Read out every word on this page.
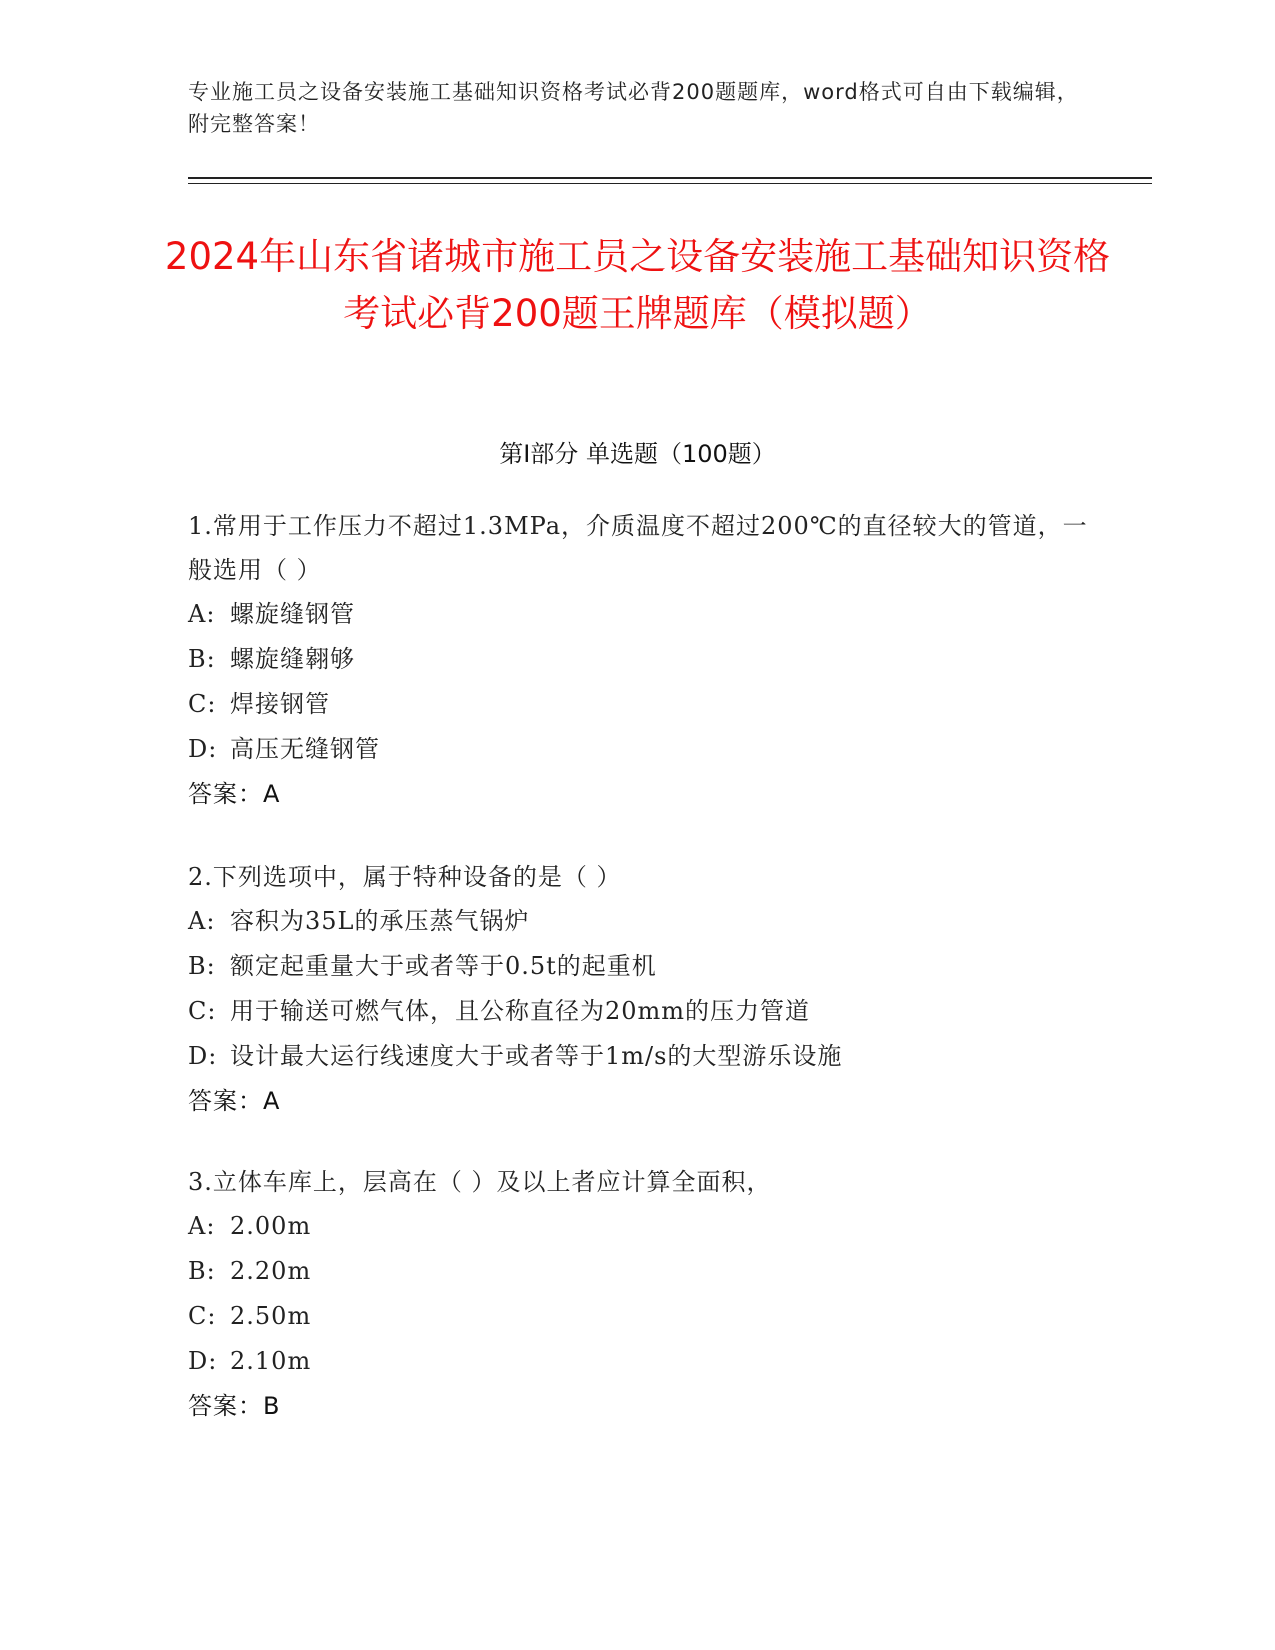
专业施工员之设备安装施工基础知识资格考试必背200题题库，word格式可自由下载编辑，附完整答案！
2024年山东省诸城市施工员之设备安装施工基础知识资格考试必背200题王牌题库（模拟题）
第I部分 单选题（100题）
1.常用于工作压力不超过1.3MPa，介质温度不超过200℃的直径较大的管道，一般选用（ ）
A: 螺旋缝钢管
B: 螺旋缝翱够
C: 焊接钢管
D: 高压无缝钢管
答案：A
2.下列选项中，属于特种设备的是（ ）
A: 容积为35L的承压蒸气锅炉
B: 额定起重量大于或者等于0.5t的起重机
C: 用于输送可燃气体，且公称直径为20mm的压力管道
D: 设计最大运行线速度大于或者等于1m/s的大型游乐设施
答案：A
3.立体车库上，层高在（ ）及以上者应计算全面积，
A: 2.00m
B: 2.20m
C: 2.50m
D: 2.10m
答案：B
